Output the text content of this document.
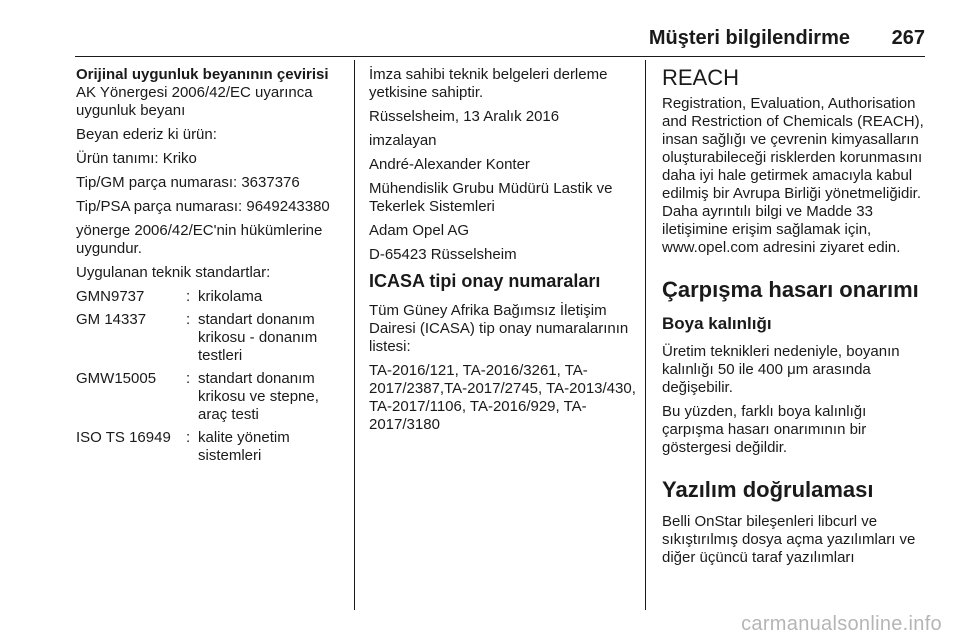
Müşteri bilgilendirme 267
Orijinal uygunluk beyanının çevirisi
AK Yönergesi 2006/42/EC uyarınca uygunluk beyanı
Beyan ederiz ki ürün:
Ürün tanımı: Kriko
Tip/GM parça numarası: 3637376
Tip/PSA parça numarası: 9649243380
yönerge 2006/42/EC'nin hükümlerine uygundur.
Uygulanan teknik standartlar:
GMN9737	: krikolama
GM 14337	: standart donanım krikosu - donanım testleri
GMW15005	: standart donanım krikosu ve stepne, araç testi
ISO TS 16949	: kalite yönetim sistemleri
İmza sahibi teknik belgeleri derleme yetkisine sahiptir.
Rüsselsheim, 13 Aralık 2016
imzalayan
André-Alexander Konter
Mühendislik Grubu Müdürü Lastik ve Tekerlek Sistemleri
Adam Opel AG
D-65423 Rüsselsheim
ICASA tipi onay numaraları
Tüm Güney Afrika Bağımsız İletişim Dairesi (ICASA) tip onay numaralarının listesi:
TA-2016/121, TA-2016/3261, TA-2017/2387,TA-2017/2745, TA-2013/430, TA-2017/1106, TA-2016/929, TA-2017/3180
REACH
Registration, Evaluation, Authorisation and Restriction of Chemicals (REACH), insan sağlığı ve çevrenin kimyasalların oluşturabileceği risklerden korunmasını daha iyi hale getirmek amacıyla kabul edilmiş bir Avrupa Birliği yönetmeliğidir. Daha ayrıntılı bilgi ve Madde 33 iletişimine erişim sağlamak için, www.opel.com adresini ziyaret edin.
Çarpışma hasarı onarımı
Boya kalınlığı
Üretim teknikleri nedeniyle, boyanın kalınlığı 50 ile 400 μm arasında değişebilir.
Bu yüzden, farklı boya kalınlığı çarpışma hasarı onarımının bir göstergesi değildir.
Yazılım doğrulaması
Belli OnStar bileşenleri libcurl ve sıkıştırılmış dosya açma yazılımları ve diğer üçüncü taraf yazılımları
carmanualsonline.info
